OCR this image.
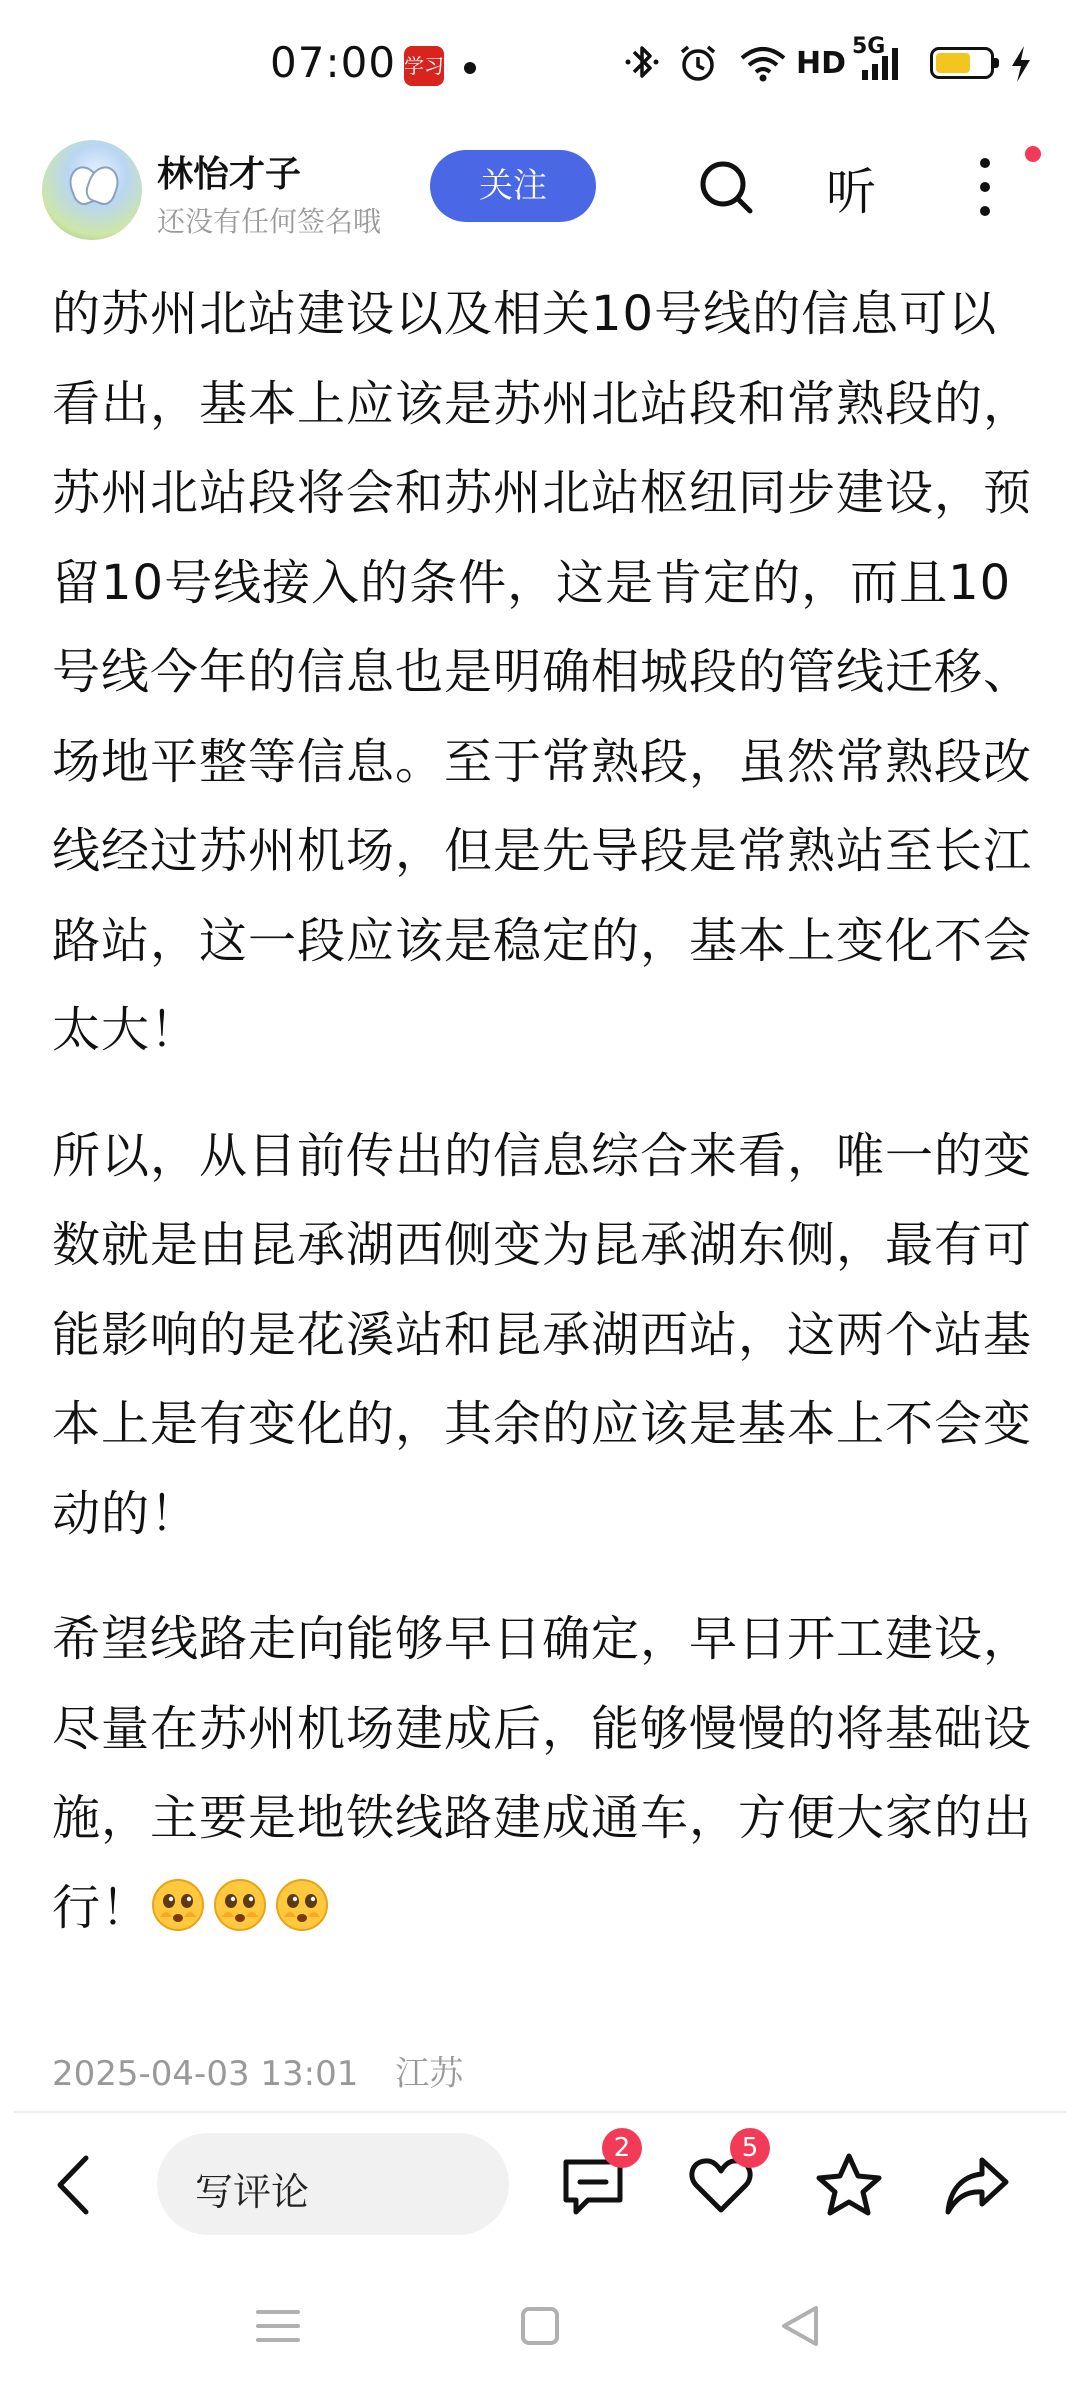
07:00 学习	HD 5G
林怡才子
还没有任何签名哦
关注	听

的苏州北站建设以及相关10号线的信息可以看出，基本上应该是苏州北站段和常熟段的，苏州北站段将会和苏州北站枢纽同步建设，预留10号线接入的条件，这是肯定的，而且10号线今年的信息也是明确相城段的管线迁移、场地平整等信息。至于常熟段，虽然常熟段改线经过苏州机场，但是先导段是常熟站至长江路站，这一段应该是稳定的，基本上变化不会太大！

所以，从目前传出的信息综合来看，唯一的变数就是由昆承湖西侧变为昆承湖东侧，最有可能影响的是花溪站和昆承湖西站，这两个站基本上是有变化的，其余的应该是基本上不会变动的！

希望线路走向能够早日确定，早日开工建设，尽量在苏州机场建成后，能够慢慢的将基础设施，主要是地铁线路建成通车，方便大家的出行！

2025-04-03 13:01 江苏
写评论
2	5
